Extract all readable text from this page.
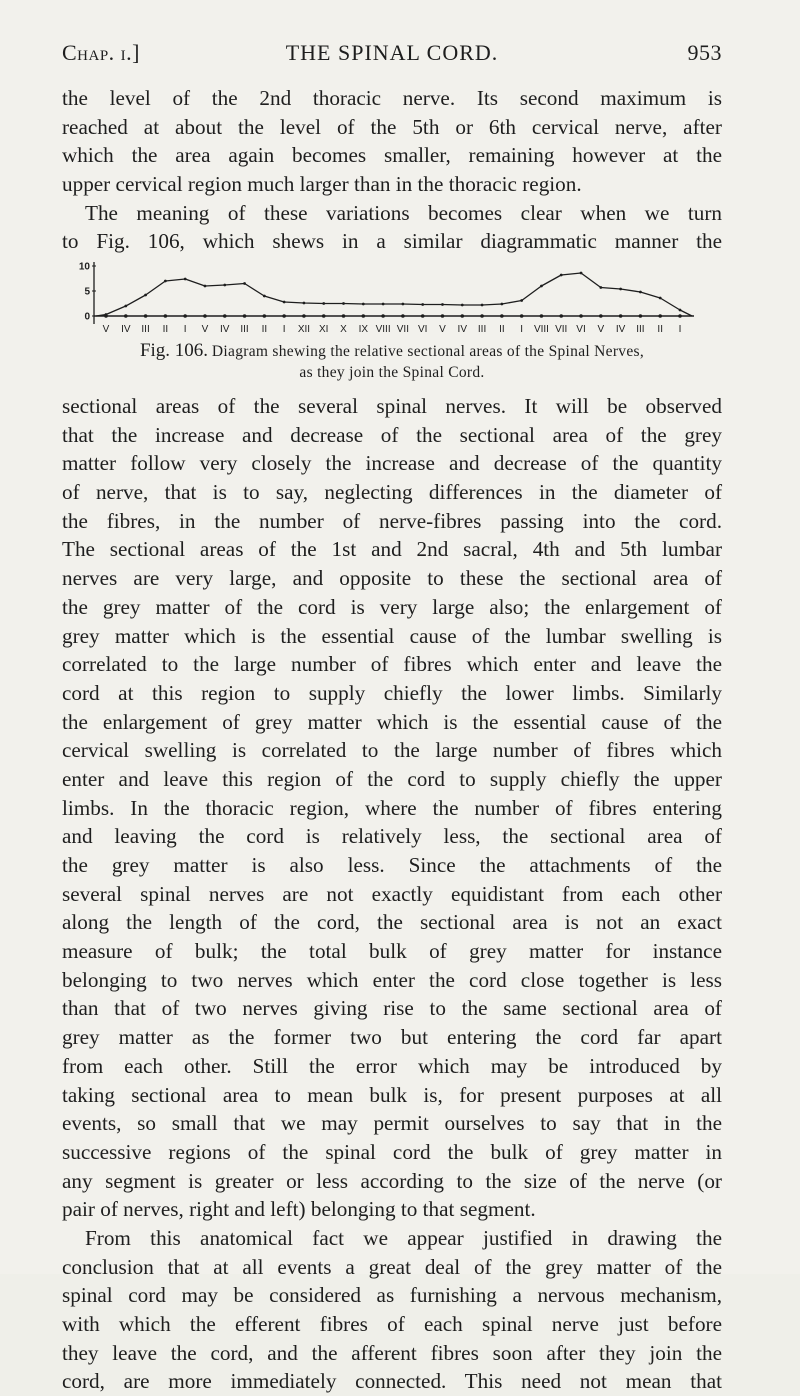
Chap. i.]	THE SPINAL CORD.	953
the level of the 2nd thoracic nerve. Its second maximum is
reached at about the level of the 5th or 6th cervical nerve, after
which the area again becomes smaller, remaining however at the
upper cervical region much larger than in the thoracic region.
The meaning of these variations becomes clear when we turn
to Fig. 106, which shews in a similar diagrammatic manner the
0
5
10
V IV III II I V IV III II I XII XI X IX VIII VII VI V IV III II I VIII VII VI V IV III II I
Fig. 106. Diagram shewing the relative sectional areas of the Spinal Nerves,
as they join the Spinal Cord.
sectional areas of the several spinal nerves. It will be observed
that the increase and decrease of the sectional area of the grey
matter follow very closely the increase and decrease of the quantity
of nerve, that is to say, neglecting differences in the diameter of
the fibres, in the number of nerve-fibres passing into the cord.
The sectional areas of the 1st and 2nd sacral, 4th and 5th lumbar
nerves are very large, and opposite to these the sectional area of
the grey matter of the cord is very large also; the enlargement of
grey matter which is the essential cause of the lumbar swelling is
correlated to the large number of fibres which enter and leave the
cord at this region to supply chiefly the lower limbs. Similarly
the enlargement of grey matter which is the essential cause of the
cervical swelling is correlated to the large number of fibres which
enter and leave this region of the cord to supply chiefly the upper
limbs. In the thoracic region, where the number of fibres entering
and leaving the cord is relatively less, the sectional area of
the grey matter is also less. Since the attachments of the
several spinal nerves are not exactly equidistant from each other
along the length of the cord, the sectional area is not an exact
measure of bulk; the total bulk of grey matter for instance
belonging to two nerves which enter the cord close together is less
than that of two nerves giving rise to the same sectional area of
grey matter as the former two but entering the cord far apart
from each other. Still the error which may be introduced by
taking sectional area to mean bulk is, for present purposes at all
events, so small that we may permit ourselves to say that in the
successive regions of the spinal cord the bulk of grey matter in
any segment is greater or less according to the size of the nerve (or
pair of nerves, right and left) belonging to that segment.
From this anatomical fact we appear justified in drawing the
conclusion that at all events a great deal of the grey matter of the
spinal cord may be considered as furnishing a nervous mechanism,
with which the efferent fibres of each spinal nerve just before
they leave the cord, and the afferent fibres soon after they join the
cord, are more immediately connected. This need not mean that
